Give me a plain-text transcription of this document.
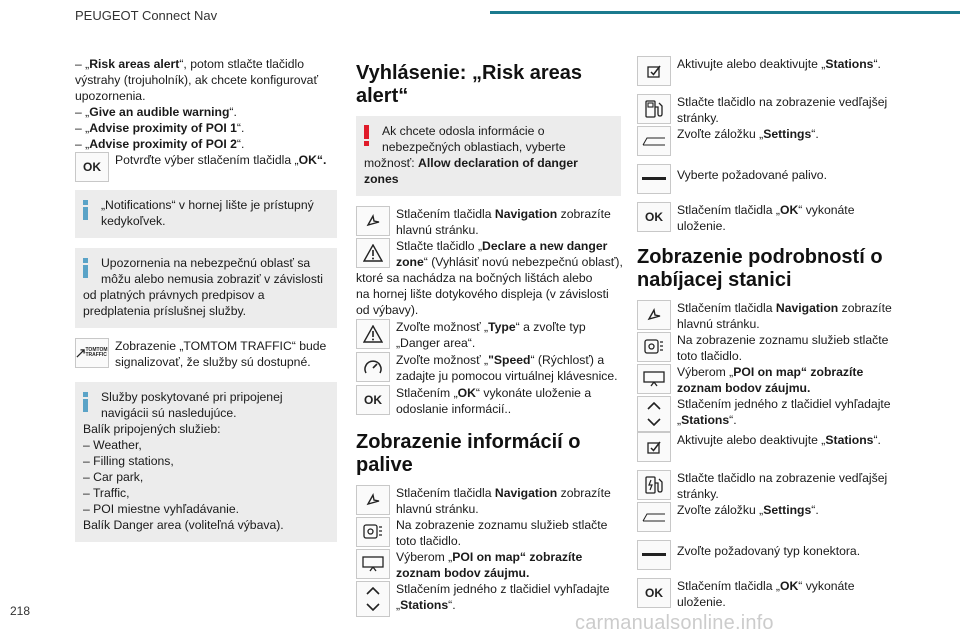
PEUGEOT Connect Nav

– „Risk areas alert“, potom stlačte tlačidlo

výstrahy (trojuholník), ak chcete konfigurovať

upozornenia.

– „Give an audible warning“.

– „Advise proximity of POI 1“.

– „Advise proximity of POI 2“.

OK Potvrďte výber stlačením tlačidla „OK“.

„Notifications“ v hornej lište je prístupný

kedykoľvek.

Upozornenia na nebezpečnú oblasť sa

môžu alebo nemusia zobraziť v závislosti

od platných právnych predpisov a

predplatenia príslušnej služby.

TOMTOM
TRAFFIC

Zobrazenie „TOMTOM TRAFFIC“ bude

signalizovať, že služby sú dostupné.

Služby poskytované pri pripojenej

navigácii sú nasledujúce.

Balík pripojených služieb:

– Weather,

– Filling stations,

– Car park,

– Traffic,

– POI miestne vyhľadávanie.

Balík Danger area (voliteľná výbava).

Vyhlásenie: „Risk areas
alert“

Ak chcete odosla informácie o

nebezpečných oblastiach, vyberte

možnosť: Allow declaration of danger

zones

Stlačením tlačidla Navigation zobrazíte

hlavnú stránku.

Stlačte tlačidlo „Declare a new danger

zone“ (Vyhlásiť novú nebezpečnú oblasť),

ktoré sa nachádza na bočných lištách alebo

na hornej lište dotykového displeja (v závislosti

od výbavy).

Zvoľte možnosť „Type“ a zvoľte typ

„Danger area“.

Zvoľte možnosť „"Speed“ (Rýchlosť) a

zadajte ju pomocou virtuálnej klávesnice.

OK Stlačením „OK“ vykonáte uloženie a

odoslanie informácií..

Zobrazenie informácií o
palive

Stlačením tlačidla Navigation zobrazíte

hlavnú stránku.

Na zobrazenie zoznamu služieb stlačte

toto tlačidlo.

Výberom „POI on map“ zobrazíte

zoznam bodov záujmu.

Stlačením jedného z tlačidiel vyhľadajte

„Stations“.

Aktivujte alebo deaktivujte „Stations“.

Stlačte tlačidlo na zobrazenie vedľajšej

stránky.

Zvoľte záložku „Settings“.

Vyberte požadované palivo.

OK Stlačením tlačidla „OK“ vykonáte

uloženie.

Zobrazenie podrobností o
nabíjacej stanici

Stlačením tlačidla Navigation zobrazíte

hlavnú stránku.

Na zobrazenie zoznamu služieb stlačte

toto tlačidlo.

Výberom „POI on map“ zobrazíte

zoznam bodov záujmu.

Stlačením jedného z tlačidiel vyhľadajte

„Stations“.

Aktivujte alebo deaktivujte „Stations“.

Stlačte tlačidlo na zobrazenie vedľajšej

stránky.

Zvoľte záložku „Settings“.

Zvoľte požadovaný typ konektora.

OK Stlačením tlačidla „OK“ vykonáte

uloženie.

218
carmanualsonline.info
